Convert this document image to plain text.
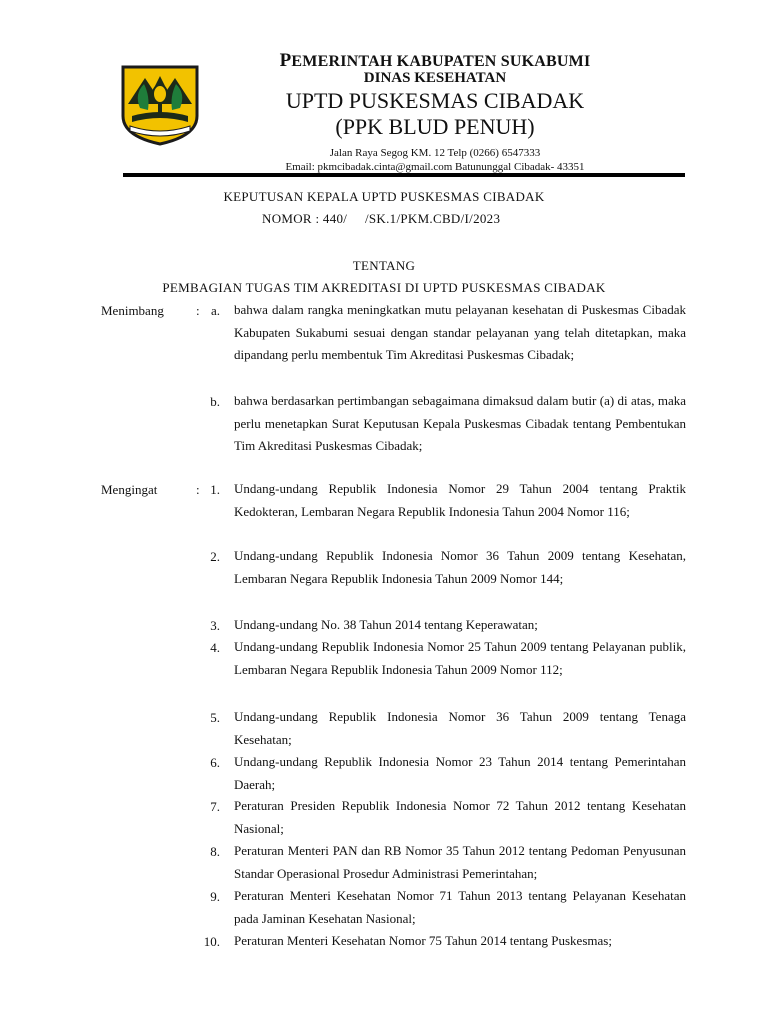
PEMERINTAH KABUPATEN SUKABUMI
DINAS KESEHATAN
UPTD PUSKESMAS CIBADAK
(PPK BLUD PENUH)
Jalan Raya Segog KM. 12 Telp (0266) 6547333
Email: pkmcibadak.cinta@gmail.com Batununggal Cibadak- 43351
KEPUTUSAN KEPALA UPTD PUSKESMAS CIBADAK
NOMOR : 440/     /SK.1/PKM.CBD/I/2023
TENTANG
PEMBAGIAN TUGAS TIM AKREDITASI DI UPTD PUSKESMAS CIBADAK
Menimbang : a. bahwa dalam rangka meningkatkan mutu pelayanan kesehatan di Puskesmas Cibadak Kabupaten Sukabumi sesuai dengan standar pelayanan yang telah ditetapkan, maka dipandang perlu membentuk Tim Akreditasi Puskesmas Cibadak;
b. bahwa berdasarkan pertimbangan sebagaimana dimaksud dalam butir (a) di atas, maka perlu menetapkan Surat Keputusan Kepala Puskesmas Cibadak tentang Pembentukan Tim Akreditasi Puskesmas Cibadak;
Mengingat	: 1. Undang-undang Republik Indonesia Nomor 29 Tahun 2004 tentang Praktik Kedokteran, Lembaran Negara Republik Indonesia Tahun 2004 Nomor 116;
2. Undang-undang Republik Indonesia Nomor 36 Tahun 2009 tentang Kesehatan, Lembaran Negara Republik Indonesia Tahun 2009 Nomor 144;
3. Undang-undang No. 38 Tahun 2014 tentang Keperawatan;
4. Undang-undang Republik Indonesia Nomor 25 Tahun 2009 tentang Pelayanan publik, Lembaran Negara Republik Indonesia Tahun 2009 Nomor 112;
5. Undang-undang Republik Indonesia Nomor 36 Tahun 2009 tentang Tenaga Kesehatan;
6. Undang-undang Republik Indonesia Nomor 23 Tahun 2014 tentang Pemerintahan Daerah;
7. Peraturan Presiden Republik Indonesia Nomor 72 Tahun 2012 tentang Kesehatan Nasional;
8. Peraturan Menteri PAN dan RB Nomor 35 Tahun 2012 tentang Pedoman Penyusunan Standar Operasional Prosedur Administrasi Pemerintahan;
9. Peraturan Menteri Kesehatan Nomor 71 Tahun 2013 tentang Pelayanan Kesehatan pada Jaminan Kesehatan Nasional;
10. Peraturan Menteri Kesehatan Nomor 75 Tahun 2014 tentang Puskesmas;
